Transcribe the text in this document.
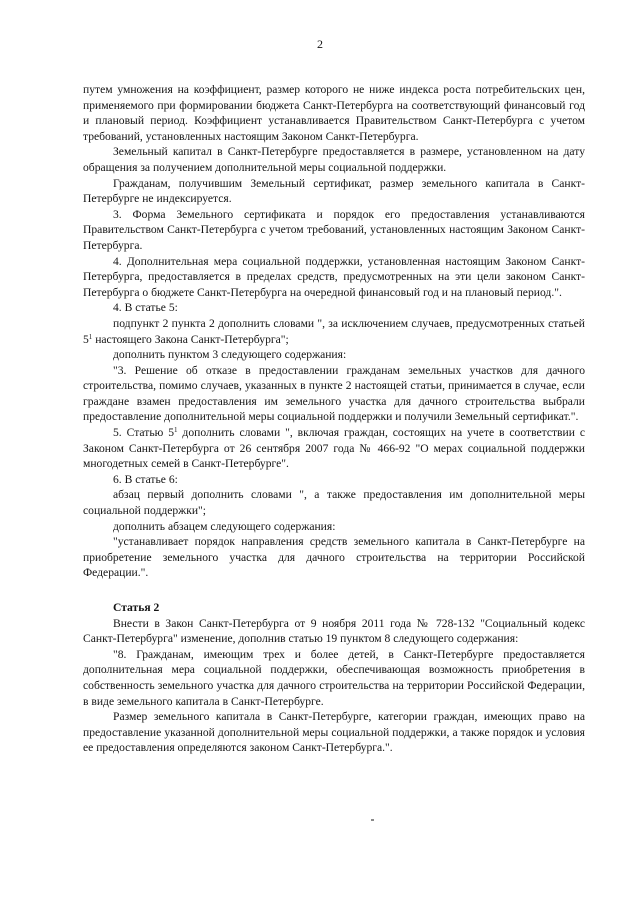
2

путем умножения на коэффициент, размер которого не ниже индекса роста потребительских цен, применяемого при формировании бюджета Санкт-Петербурга на соответствующий финансовый год и плановый период. Коэффициент устанавливается Правительством Санкт-Петербурга с учетом требований, установленных настоящим Законом Санкт-Петербурга.

Земельный капитал в Санкт-Петербурге предоставляется в размере, установленном на дату обращения за получением дополнительной меры социальной поддержки.

Гражданам, получившим Земельный сертификат, размер земельного капитала в Санкт-Петербурге не индексируется.

3. Форма Земельного сертификата и порядок его предоставления устанавливаются Правительством Санкт-Петербурга с учетом требований, установленных настоящим Законом Санкт-Петербурга.

4. Дополнительная мера социальной поддержки, установленная настоящим Законом Санкт-Петербурга, предоставляется в пределах средств, предусмотренных на эти цели законом Санкт-Петербурга о бюджете Санкт-Петербурга на очередной финансовый год и на плановый период.".

4. В статье 5:

подпункт 2 пункта 2 дополнить словами ", за исключением случаев, предусмотренных статьей $5^1$ настоящего Закона Санкт-Петербурга";

дополнить пунктом 3 следующего содержания:

"3. Решение об отказе в предоставлении гражданам земельных участков для дачного строительства, помимо случаев, указанных в пункте 2 настоящей статьи, принимается в случае, если граждане взамен предоставления им земельного участка для дачного строительства выбрали предоставление дополнительной меры социальной поддержки и получили Земельный сертификат.".

5. Статью $5^1$ дополнить словами ", включая граждан, состоящих на учете в соответствии с Законом Санкт-Петербурга от 26 сентября 2007 года № 466-92 "О мерах социальной поддержки многодетных семей в Санкт-Петербурге".

6. В статье 6:

абзац первый дополнить словами ", а также предоставления им дополнительной меры социальной поддержки";

дополнить абзацем следующего содержания:

"устанавливает порядок направления средств земельного капитала в Санкт-Петербурге на приобретение земельного участка для дачного строительства на территории Российской Федерации.".

Статья 2

Внести в Закон Санкт-Петербурга от 9 ноября 2011 года № 728-132 "Социальный кодекс Санкт-Петербурга" изменение, дополнив статью 19 пунктом 8 следующего содержания:

"8. Гражданам, имеющим трех и более детей, в Санкт-Петербурге предоставляется дополнительная мера социальной поддержки, обеспечивающая возможность приобретения в собственность земельного участка для дачного строительства на территории Российской Федерации, в виде земельного капитала в Санкт-Петербурге.

Размер земельного капитала в Санкт-Петербурге, категории граждан, имеющих право на предоставление указанной дополнительной меры социальной поддержки, а также порядок и условия ее предоставления определяются законом Санкт-Петербурга.".
